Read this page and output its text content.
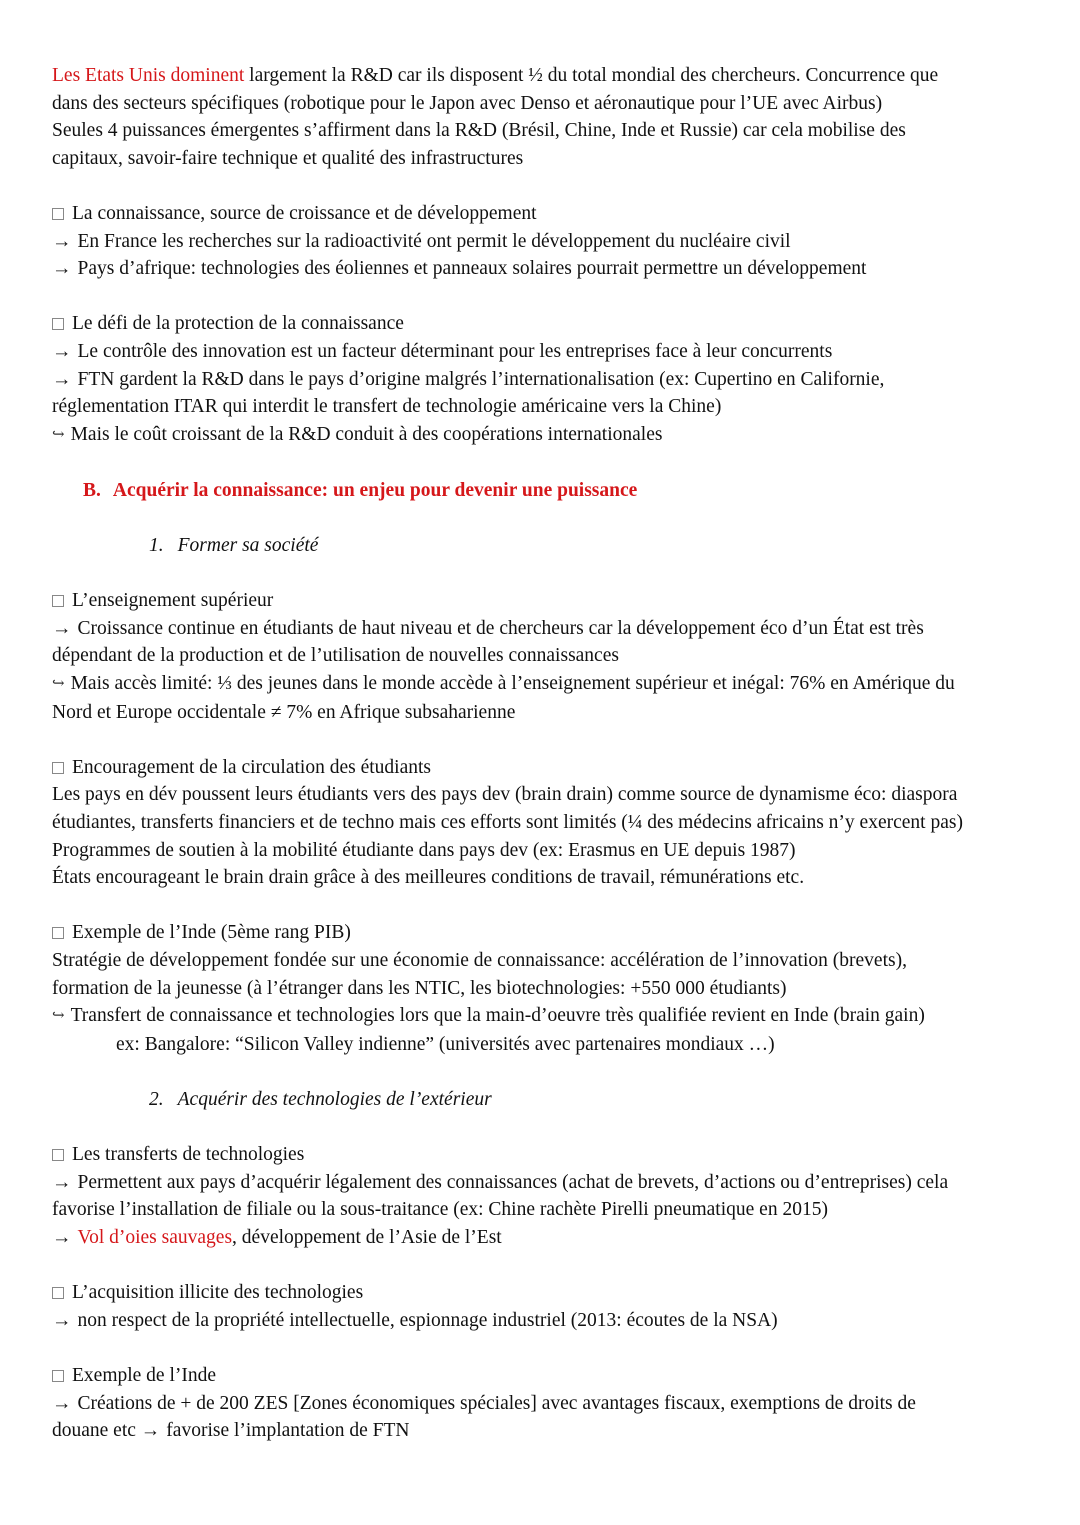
Les Etats Unis dominent largement la R&D car ils disposent ½ du total mondial des chercheurs. Concurrence que
dans des secteurs spécifiques (robotique pour le Japon avec Denso et aéronautique pour l’UE avec Airbus)
Seules 4 puissances émergentes s’affirment dans la R&D (Brésil, Chine, Inde et Russie) car cela mobilise des
capitaux, savoir-faire technique et qualité des infrastructures
La connaissance, source de croissance et de développement
→ En France les recherches sur la radioactivité ont permit le développement du nucléaire civil
→ Pays d’afrique: technologies des éoliennes et panneaux solaires pourrait permettre un développement
Le défi de la protection de la connaissance
→ Le contrôle des innovation est un facteur déterminant pour les entreprises face à leur concurrents
→ FTN gardent la R&D dans le pays d’origine malgrés l’internationalisation (ex: Cupertino en Californie,
réglementation ITAR qui interdit le transfert de technologie américaine vers la Chine)
↪ Mais le coût croissant de la R&D conduit à des coopérations internationales
B. Acquérir la connaissance: un enjeu pour devenir une puissance
1. Former sa société
L’enseignement supérieur
→ Croissance continue en étudiants de haut niveau et de chercheurs car la développement éco d’un État est très
dépendant de la production et de l’utilisation de nouvelles connaissances
↪ Mais accès limité: ⅓ des jeunes dans le monde accède à l’enseignement supérieur et inégal: 76% en Amérique du
Nord et Europe occidentale ≠ 7% en Afrique subsaharienne
Encouragement de la circulation des étudiants
Les pays en dév poussent leurs étudiants vers des pays dev (brain drain) comme source de dynamisme éco: diaspora
étudiantes, transferts financiers et de techno mais ces efforts sont limités (¼ des médecins africains n’y exercent pas)
Programmes de soutien à la mobilité étudiante dans pays dev (ex: Erasmus en UE depuis 1987)
États encourageant le brain drain grâce à des meilleures conditions de travail, rémunérations etc.
Exemple de l’Inde (5ème rang PIB)
Stratégie de développement fondée sur une économie de connaissance: accélération de l’innovation (brevets),
formation de la jeunesse (à l’étranger dans les NTIC, les biotechnologies: +550 000 étudiants)
↪ Transfert de connaissance et technologies lors que la main-d’oeuvre très qualifiée revient en Inde (brain gain)
ex: Bangalore: “Silicon Valley indienne” (universités avec partenaires mondiaux …)
2. Acquérir des technologies de l’extérieur
Les transferts de technologies
→ Permettent aux pays d’acquérir légalement des connaissances (achat de brevets, d’actions ou d’entreprises) cela
favorise l’installation de filiale ou la sous-traitance (ex: Chine rachète Pirelli pneumatique en 2015)
→ Vol d’oies sauvages, développement de l’Asie de l’Est
L’acquisition illicite des technologies
→ non respect de la propriété intellectuelle, espionnage industriel (2013: écoutes de la NSA)
Exemple de l’Inde
→ Créations de + de 200 ZES [Zones économiques spéciales] avec avantages fiscaux, exemptions de droits de
douane etc → favorise l’implantation de FTN
